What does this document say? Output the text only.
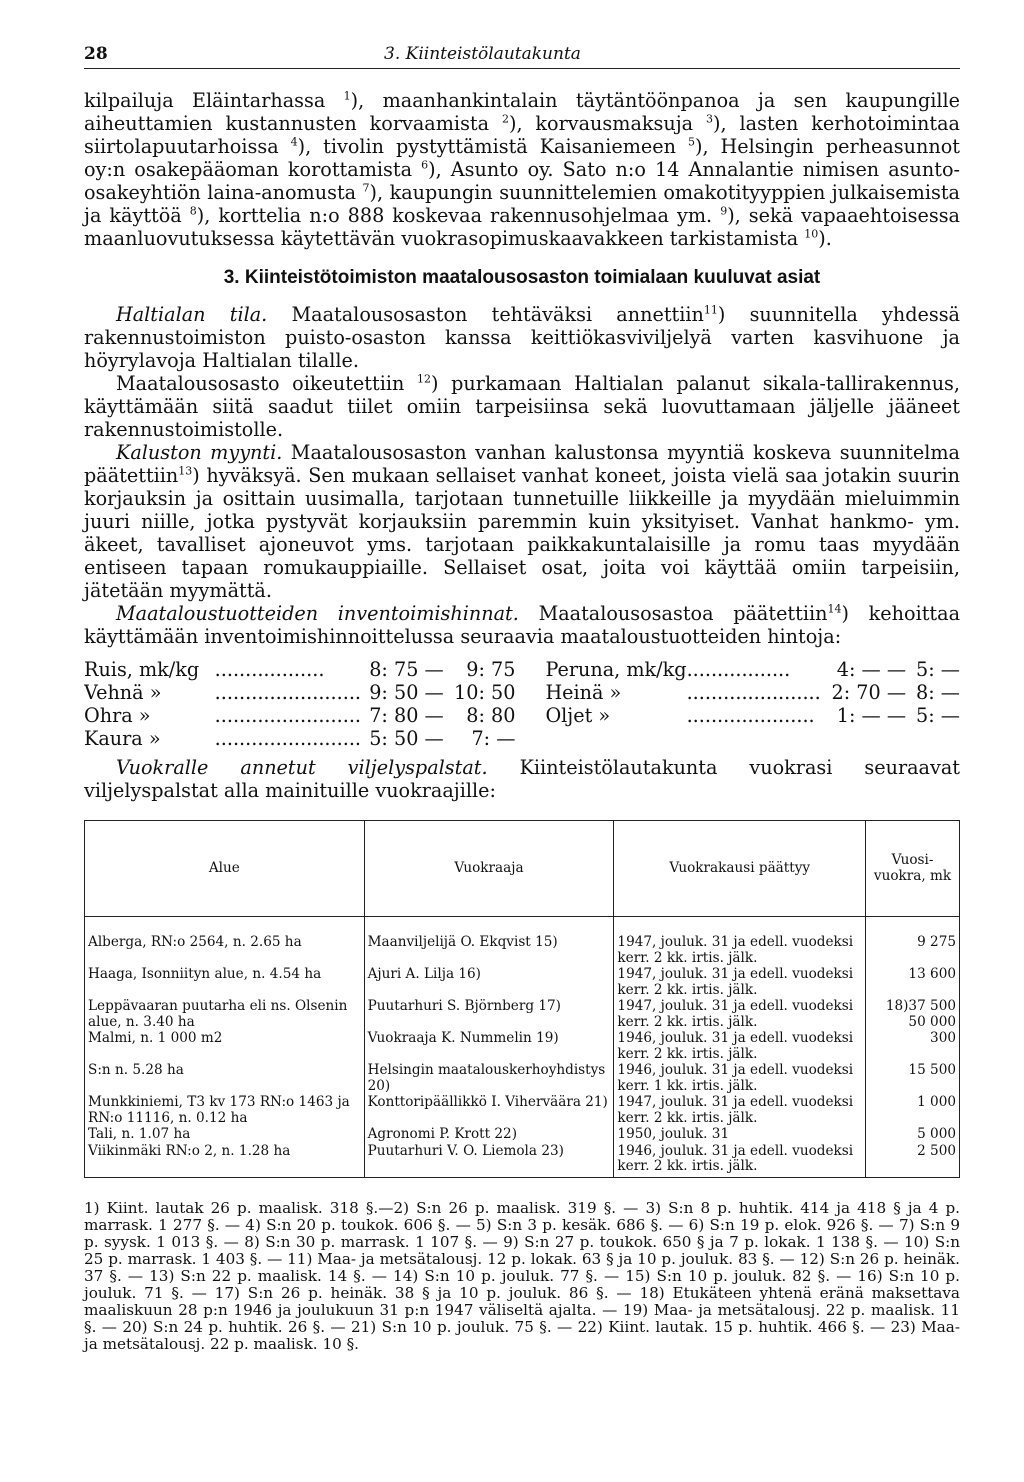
28	3. Kiinteistölautakunta

kilpailuja Eläintarhassa $^1$), maanhankintalain täytäntöönpanoa ja sen kaupungille aiheuttamien kustannusten korvaamista $^2$), korvausmaksuja $^3$), lasten kerhotoimintaa siirtolapuutarhoissa $^4$), tivolin pystyttämistä Kaisaniemeen $^5$), Helsingin perheasunnot oy:n osakepääoman korottamista $^6$), Asunto oy. Sato n:o 14 Annalantie nimisen asunto-osakeyhtiön laina-anomusta $^7$), kaupungin suunnittelemien omakotityyppien julkaisemista ja käyttöä $^8$), korttelia n:o 888 koskevaa rakennusohjelmaa ym. $^9$), sekä vapaaehtoisessa maanluovutuksessa käytettävän vuokrasopimuskaavakkeen tarkistamista $^{10}$).

3. Kiinteistötoimiston maatalousosaston toimialaan kuuluvat asiat

Haltialan tila. Maatalousosaston tehtäväksi annettiin$^{11}$) suunnitella yhdessä rakennustoimiston puisto-osaston kanssa keittiökasviviljelyä varten kasvihuone ja höyrylavoja Haltialan tilalle.

Maatalousosasto oikeutettiin $^{12}$) purkamaan Haltialan palanut sikala-tallirakennus, käyttämään siitä saadut tiilet omiin tarpeisiinsa sekä luovuttamaan jäljelle jääneet rakennustoimistolle.

Kaluston myynti. Maatalousosaston vanhan kalustonsa myyntiä koskeva suunnitelma päätettiin$^{13}$) hyväksyä. Sen mukaan sellaiset vanhat koneet, joista vielä saa jotakin suurin korjauksin ja osittain uusimalla, tarjotaan tunnetuille liikkeille ja myydään mieluimmin juuri niille, jotka pystyvät korjauksiin paremmin kuin yksityiset. Vanhat hankmo- ym. äkeet, tavalliset ajoneuvot yms. tarjotaan paikkakuntalaisille ja romu taas myydään entiseen tapaan romukauppiaille. Sellaiset osat, joita voi käyttää omiin tarpeisiin, jätetään myymättä.

Maataloustuotteiden inventoimishinnat. Maatalousosastoa päätettiin$^{14}$) kehoittaa käyttämään inventoimishinnoittelussa seuraavia maataloustuotteiden hintoja:

Ruis, mk/kg	..................	8: 75 —	9: 75	Peruna, mk/kg	.................	4: — —	5: —
Vehnä »	........................	9: 50 —	10: 50	Heinä »	......................	2: 70 —	8: —
Ohra »	........................	7: 80 —	8: 80	Oljet »	.....................	1: — —	5: —
Kaura »	........................	5: 50 —	7: —				

Vuokralle annetut viljelyspalstat. Kiinteistölautakunta vuokrasi seuraavat viljelyspalstat alla mainituille vuokraajille:

Alue	Vuokraaja	Vuokrakausi päättyy	Vuosi- vuokra, mk
Alberga, RN:o 2564, n. 2.65 ha	Maanviljelijä O. Ekqvist 15)	1947, jouluk. 31 ja edell. vuodeksi kerr. 2 kk. irtis. jälk.	9 275

Haaga, Isonniityn alue, n. 4.54 ha	Ajuri A. Lilja 16)	1947, jouluk. 31 ja edell. vuodeksi kerr. 2 kk. irtis. jälk.	13 600

Leppävaaran puutarha eli ns. Olsenin alue, n. 3.40 ha	Puutarhuri S. Björnberg 17)	1947, jouluk. 31 ja edell. vuodeksi kerr. 2 kk. irtis. jälk.	18)37 500
50 000

Malmi, n. 1 000 m2	Vuokraaja K. Nummelin 19)	1946, jouluk. 31 ja edell. vuodeksi kerr. 2 kk. irtis. jälk.	300

S:n n. 5.28 ha	Helsingin maatalouskerhoyhdistys 20)	1946, jouluk. 31 ja edell. vuodeksi kerr. 1 kk. irtis. jälk.	15 500

Munkkiniemi, T3 kv 173 RN:o 1463 ja RN:o 11116, n. 0.12 ha	Konttoripäällikkö I. Viherväära 21)	1947, jouluk. 31 ja edell. vuodeksi kerr. 2 kk. irtis. jälk.	1 000

Tali, n. 1.07 ha	Agronomi P. Krott 22)	1950, jouluk. 31	5 000

Viikinmäki RN:o 2, n. 1.28 ha	Puutarhuri V. O. Liemola 23)	1946, jouluk. 31 ja edell. vuodeksi kerr. 2 kk. irtis. jälk.	2 500

1) Kiint. lautak 26 p. maalisk. 318 §.—2) S:n 26 p. maalisk. 319 §. — 3) S:n 8 p. huhtik. 414 ja 418 § ja 4 p. marrask. 1 277 §. — 4) S:n 20 p. toukok. 606 §. — 5) S:n 3 p. kesäk. 686 §. — 6) S:n 19 p. elok. 926 §. — 7) S:n 9 p. syysk. 1 013 §. — 8) S:n 30 p. marrask. 1 107 §. — 9) S:n 27 p. toukok. 650 § ja 7 p. lokak. 1 138 §. — 10) S:n 25 p. marrask. 1 403 §. — 11) Maa- ja metsätalousj. 12 p. lokak. 63 § ja 10 p. jouluk. 83 §. — 12) S:n 26 p. heinäk. 37 §. — 13) S:n 22 p. maalisk. 14 §. — 14) S:n 10 p. jouluk. 77 §. — 15) S:n 10 p. jouluk. 82 §. — 16) S:n 10 p. jouluk. 71 §. — 17) S:n 26 p. heinäk. 38 § ja 10 p. jouluk. 86 §. — 18) Etukäteen yhtenä eränä maksettava maaliskuun 28 p:n 1946 ja joulukuun 31 p:n 1947 väliseltä ajalta. — 19) Maa- ja metsätalousj. 22 p. maalisk. 11 §. — 20) S:n 24 p. huhtik. 26 §. — 21) S:n 10 p. jouluk. 75 §. — 22) Kiint. lautak. 15 p. huhtik. 466 §. — 23) Maa- ja metsätalousj. 22 p. maalisk. 10 §.
